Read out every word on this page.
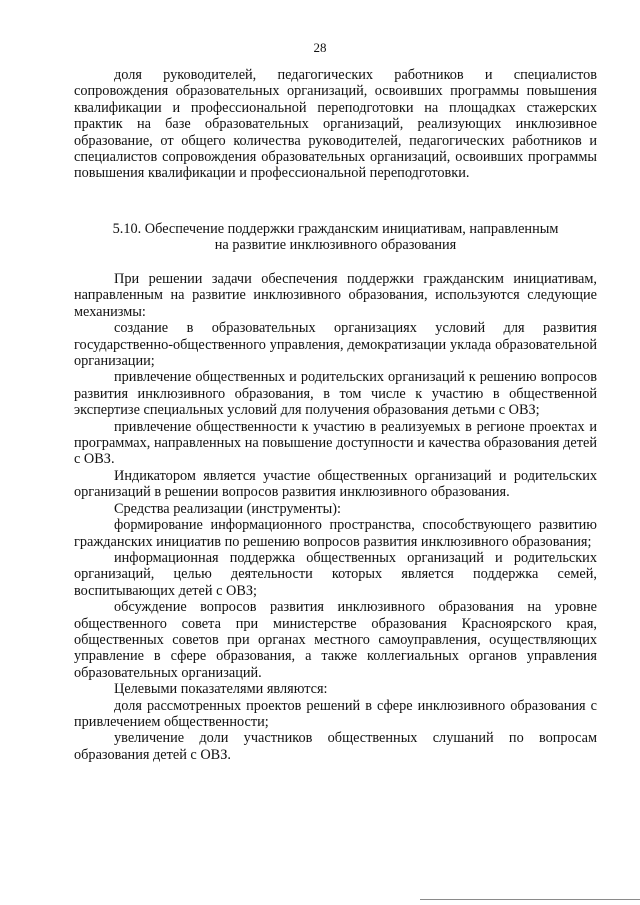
28

доля руководителей, педагогических работников и специалистов сопровождения образовательных организаций, освоивших программы повышения квалификации и профессиональной переподготовки на площадках стажерских практик на базе образовательных организаций, реализующих инклюзивное образование, от общего количества руководителей, педагогических работников и специалистов сопровождения образовательных организаций, освоивших программы повышения квалификации и профессиональной переподготовки.

5.10. Обеспечение поддержки гражданским инициативам, направленным
на развитие инклюзивного образования

При решении задачи обеспечения поддержки гражданским инициативам, направленным на развитие инклюзивного образования, используются следующие механизмы:

создание в образовательных организациях условий для развития государственно-общественного управления, демократизации уклада образовательной организации;

привлечение общественных и родительских организаций к решению вопросов развития инклюзивного образования, в том числе к участию в общественной экспертизе специальных условий для получения образования детьми с ОВЗ;

привлечение общественности к участию в реализуемых в регионе проектах и программах, направленных на повышение доступности и качества образования детей с ОВЗ.

Индикатором является участие общественных организаций и родительских организаций в решении вопросов развития инклюзивного образования.

Средства реализации (инструменты):

формирование информационного пространства, способствующего развитию гражданских инициатив по решению вопросов развития инклюзивного образования;

информационная поддержка общественных организаций и родительских организаций, целью деятельности которых является поддержка семей, воспитывающих детей с ОВЗ;

обсуждение вопросов развития инклюзивного образования на уровне общественного совета при министерстве образования Красноярского края, общественных советов при органах местного самоуправления, осуществляющих управление в сфере образования, а также коллегиальных органов управления образовательных организаций.

Целевыми показателями являются:

доля рассмотренных проектов решений в сфере инклюзивного образования с привлечением общественности;

увеличение доли участников общественных слушаний по вопросам образования детей с ОВЗ.
